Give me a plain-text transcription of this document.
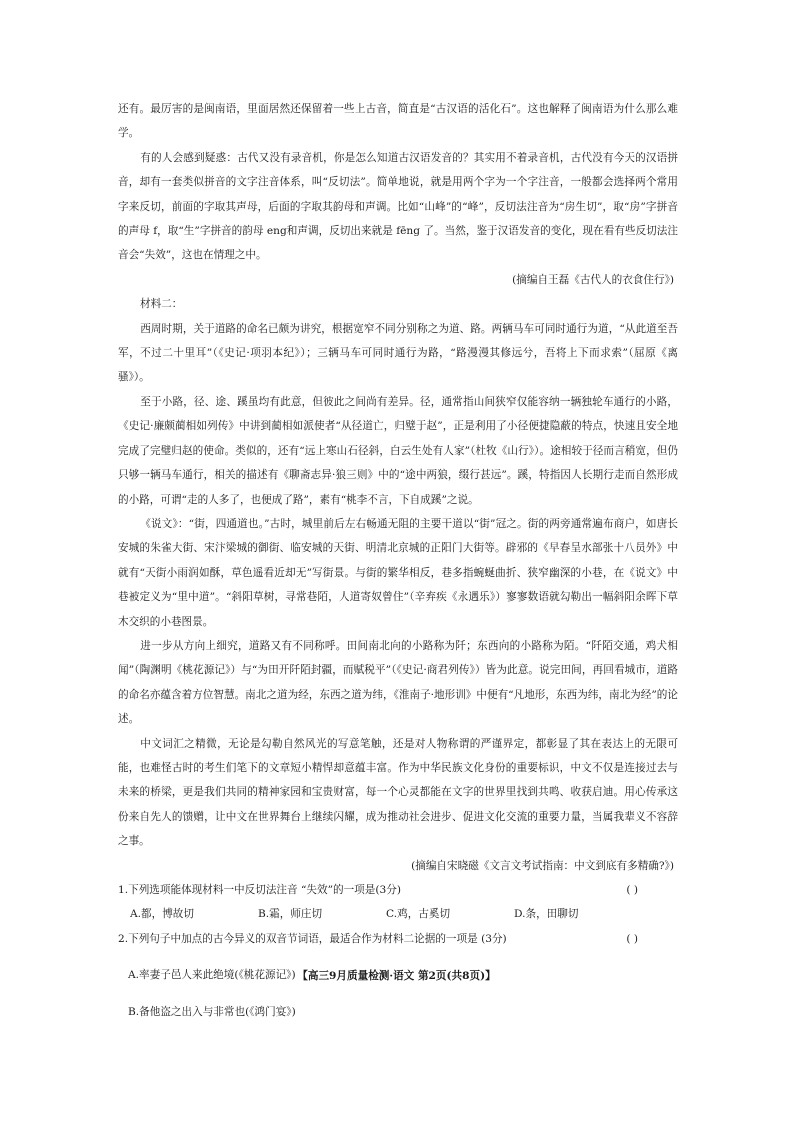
还有。最厉害的是闽南语，里面居然还保留着一些上古音，简直是“古汉语的活化石”。这也解释了闽南语为什么那么难学。

有的人会感到疑惑：古代又没有录音机，你是怎么知道古汉语发音的？其实用不着录音机，古代没有今天的汉语拼音，却有一套类似拼音的文字注音体系，叫“反切法”。简单地说，就是用两个字为一个字注音，一般都会选择两个常用字来反切，前面的字取其声母，后面的字取其韵母和声调。比如“山峰”的“峰”，反切法注音为“房生切”，取“房”字拼音的声母 f，取“生”字拼音的韵母 eng和声调，反切出来就是 fēng 了。当然，鉴于汉语发音的变化，现在看有些反切法注音会“失效”，这也在情理之中。

(摘编自王磊《古代人的衣食住行》)

材料二：

西周时期，关于道路的命名已颇为讲究，根据宽窄不同分别称之为道、路。两辆马车可同时通行为道，“从此道至吾军，不过二十里耳”（《史记·项羽本纪》）；三辆马车可同时通行为路，“路漫漫其修远兮，吾将上下而求索”（屈原《离骚》）。

至于小路，径、途、蹊虽均有此意，但彼此之间尚有差异。径，通常指山间狭窄仅能容纳一辆独轮车通行的小路，《史记·廉颇蔺相如列传》中讲到蔺相如派使者“从径道亡，归璧于赵”，正是利用了小径便捷隐蔽的特点，快速且安全地完成了完璧归赵的使命。类似的，还有“远上寒山石径斜，白云生处有人家”（杜牧《山行》）。途相较于径而言稍宽，但仍只够一辆马车通行，相关的描述有《聊斋志异·狼三则》中的“途中两狼，缀行甚远”。蹊，特指因人长期行走而自然形成的小路，可谓“走的人多了，也便成了路”，素有“桃李不言，下自成蹊”之说。

《说文》：“街，四通道也。”古时，城里前后左右畅通无阻的主要干道以“街”冠之。街的两旁通常遍布商户，如唐长安城的朱雀大街、宋汴梁城的御街、临安城的天街、明清北京城的正阳门大街等。辟邪的《早春呈水部张十八员外》中就有“天街小雨润如酥，草色遥看近却无”写街景。与街的繁华相反，巷多指蜿蜒曲折、狭窄幽深的小巷，在《说文》中巷被定义为“里中道”。“斜阳草树，寻常巷陌，人道寄奴曾住”（辛弃疾《永遇乐》）寥寥数语就勾勒出一幅斜阳余晖下草木交织的小巷图景。

进一步从方向上细究，道路又有不同称呼。田间南北向的小路称为阡；东西向的小路称为陌。“阡陌交通，鸡犬相闻”（陶渊明《桃花源记》）与“为田开阡陌封疆，而赋税平”（《史记·商君列传》）皆为此意。说完田间，再回看城市，道路的命名亦蕴含着方位智慧。南北之道为经，东西之道为纬，《淮南子·地形训》中便有“凡地形，东西为纬，南北为经”的论述。

中文词汇之精微，无论是勾勒自然风光的写意笔触，还是对人物称谓的严谨界定，都彰显了其在表达上的无限可能，也难怪古时的考生们笔下的文章短小精悍却意蕴丰富。作为中华民族文化身份的重要标识，中文不仅是连接过去与未来的桥梁，更是我们共同的精神家园和宝贵财富，每一个心灵都能在文字的世界里找到共鸣、收获启迪。用心传承这份来自先人的馈赠，让中文在世界舞台上继续闪耀，成为推动社会进步、促进文化交流的重要力量，当属我辈义不容辞之事。

(摘编自宋晓磁《文言文考试指南：中文到底有多精确?》)

1.下列选项能体现材料一中反切法注音 “失效”的一项是(3分)	( )
A.都，博故切	B.霜，师庄切	C.鸡，古奚切	D.条，田聊切
2.下列句子中加点的古今异义的双音节词语，最适合作为材料二论据的一项是 (3分)	( )

A.率妻子邑人来此绝境(《桃花源记》)

B.备他盗之出入与非常也(《鸿门宴》)

【高三9月质量检测·语文 第2页(共8页)】
